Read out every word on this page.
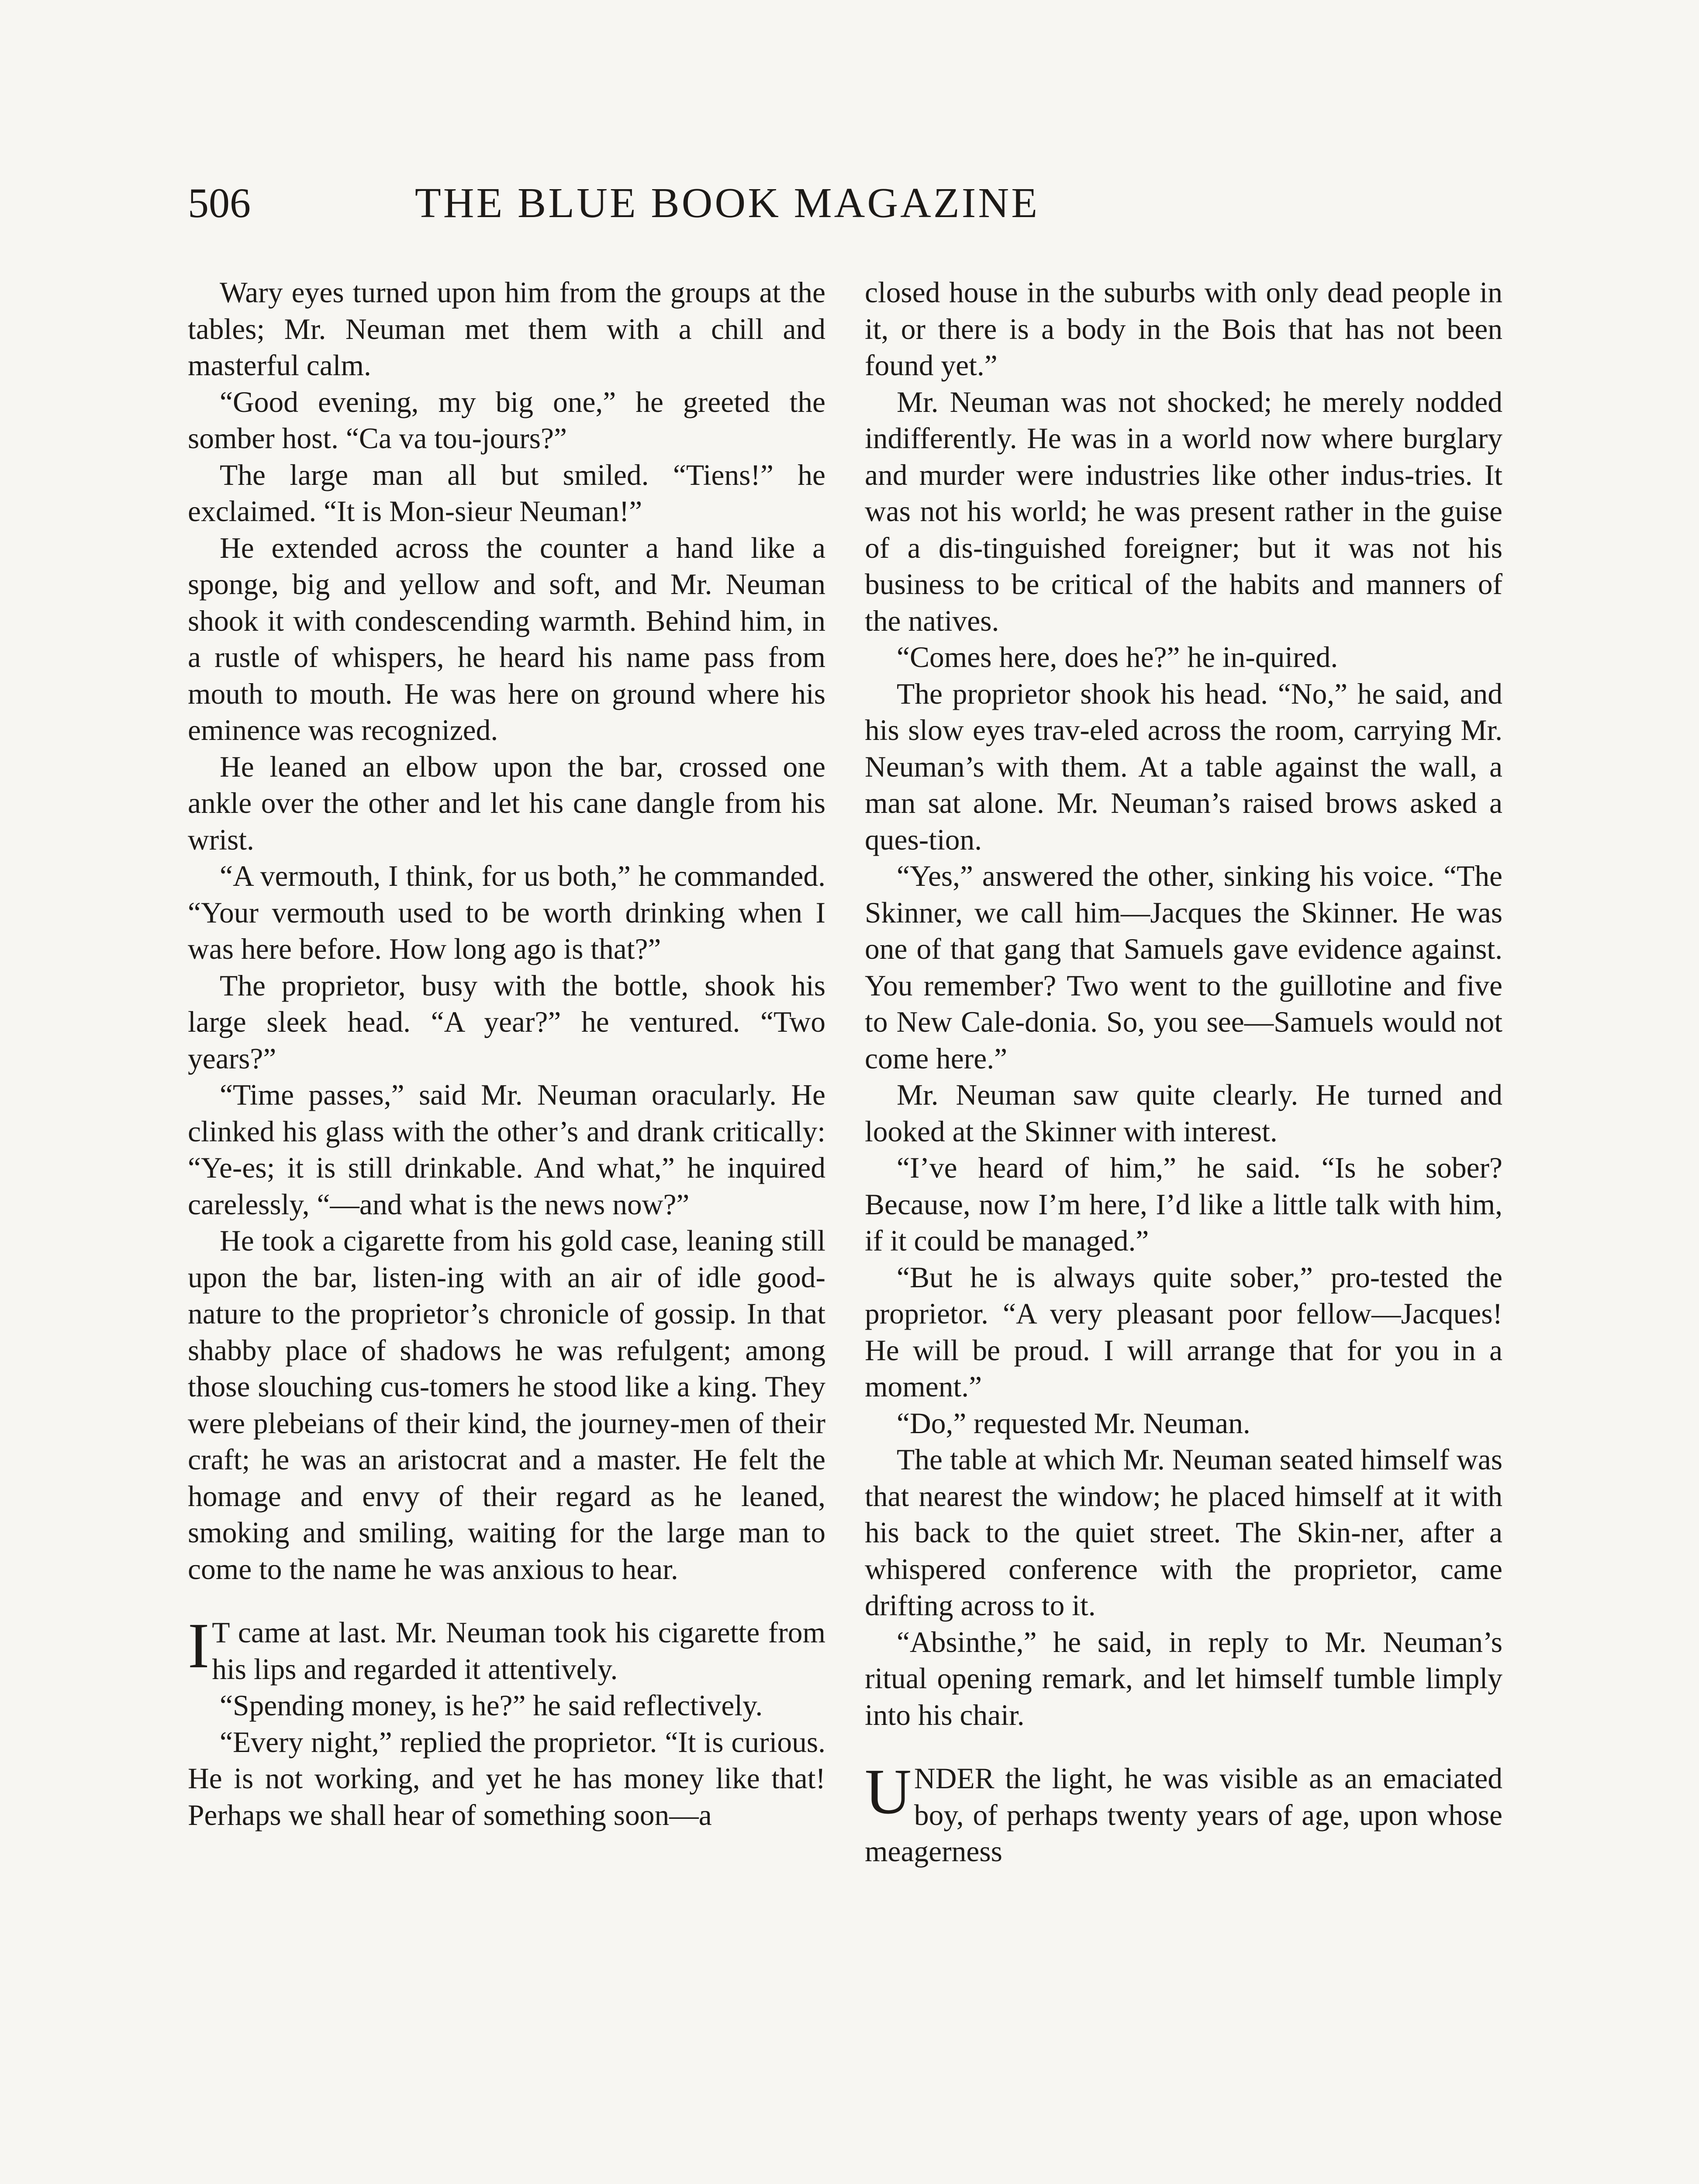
506	THE BLUE BOOK MAGAZINE

Wary eyes turned upon him from the groups at the tables; Mr. Neuman met them with a chill and masterful calm.

“Good evening, my big one,” he greeted the somber host. “Ca va tou-jours?”

The large man all but smiled. “Tiens!” he exclaimed. “It is Mon-sieur Neuman!”

He extended across the counter a hand like a sponge, big and yellow and soft, and Mr. Neuman shook it with condescending warmth. Behind him, in a rustle of whispers, he heard his name pass from mouth to mouth. He was here on ground where his eminence was recognized.

He leaned an elbow upon the bar, crossed one ankle over the other and let his cane dangle from his wrist.

“A vermouth, I think, for us both,” he commanded. “Your vermouth used to be worth drinking when I was here before. How long ago is that?”

The proprietor, busy with the bottle, shook his large sleek head. “A year?” he ventured. “Two years?”

“Time passes,” said Mr. Neuman oracularly. He clinked his glass with the other’s and drank critically: “Ye-es; it is still drinkable. And what,” he inquired carelessly, “—and what is the news now?”

He took a cigarette from his gold case, leaning still upon the bar, listen-ing with an air of idle good-nature to the proprietor’s chronicle of gossip. In that shabby place of shadows he was refulgent; among those slouching cus-tomers he stood like a king. They were plebeians of their kind, the journey-men of their craft; he was an aristocrat and a master. He felt the homage and envy of their regard as he leaned, smoking and smiling, waiting for the large man to come to the name he was anxious to hear.

I T came at last. Mr. Neuman took his cigarette from his lips and regarded it attentively.

“Spending money, is he?” he said reflectively.

“Every night,” replied the proprietor. “It is curious. He is not working, and yet he has money like that! Perhaps we shall hear of something soon—a

closed house in the suburbs with only dead people in it, or there is a body in the Bois that has not been found yet.”

Mr. Neuman was not shocked; he merely nodded indifferently. He was in a world now where burglary and murder were industries like other indus-tries. It was not his world; he was present rather in the guise of a dis-tinguished foreigner; but it was not his business to be critical of the habits and manners of the natives.

“Comes here, does he?” he in-quired.

The proprietor shook his head. “No,” he said, and his slow eyes trav-eled across the room, carrying Mr. Neuman’s with them. At a table against the wall, a man sat alone. Mr. Neuman’s raised brows asked a ques-tion.

“Yes,” answered the other, sinking his voice. “The Skinner, we call him—Jacques the Skinner. He was one of that gang that Samuels gave evidence against. You remember? Two went to the guillotine and five to New Cale-donia. So, you see—Samuels would not come here.”

Mr. Neuman saw quite clearly. He turned and looked at the Skinner with interest.

“I’ve heard of him,” he said. “Is he sober? Because, now I’m here, I’d like a little talk with him, if it could be managed.”

“But he is always quite sober,” pro-tested the proprietor. “A very pleasant poor fellow—Jacques! He will be proud. I will arrange that for you in a moment.”

“Do,” requested Mr. Neuman.

The table at which Mr. Neuman seated himself was that nearest the window; he placed himself at it with his back to the quiet street. The Skin-ner, after a whispered conference with the proprietor, came drifting across to it.

“Absinthe,” he said, in reply to Mr. Neuman’s ritual opening remark, and let himself tumble limply into his chair.

UNDER the light, he was visible as an emaciated boy, of perhaps twenty years of age, upon whose meagerness
